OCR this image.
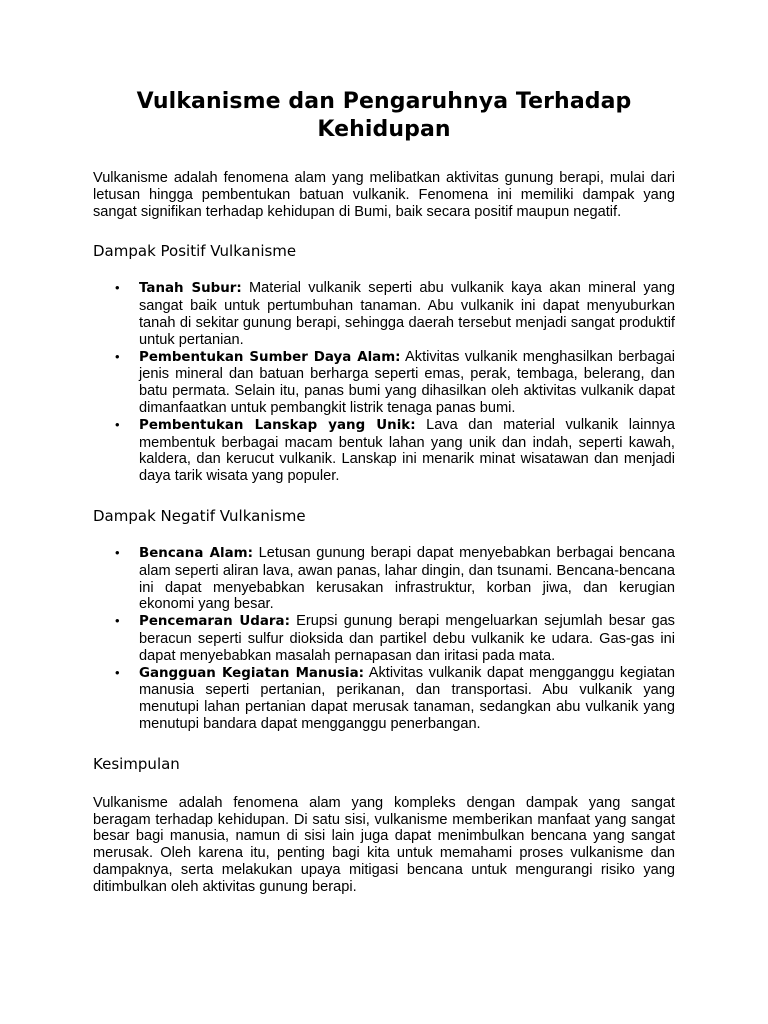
Vulkanisme dan Pengaruhnya Terhadap Kehidupan

Vulkanisme adalah fenomena alam yang melibatkan aktivitas gunung berapi, mulai dari letusan hingga pembentukan batuan vulkanik. Fenomena ini memiliki dampak yang sangat signifikan terhadap kehidupan di Bumi, baik secara positif maupun negatif.

Dampak Positif Vulkanisme
• Tanah Subur: Material vulkanik seperti abu vulkanik kaya akan mineral yang sangat baik untuk pertumbuhan tanaman. Abu vulkanik ini dapat menyuburkan tanah di sekitar gunung berapi, sehingga daerah tersebut menjadi sangat produktif untuk pertanian.
• Pembentukan Sumber Daya Alam: Aktivitas vulkanik menghasilkan berbagai jenis mineral dan batuan berharga seperti emas, perak, tembaga, belerang, dan batu permata. Selain itu, panas bumi yang dihasilkan oleh aktivitas vulkanik dapat dimanfaatkan untuk pembangkit listrik tenaga panas bumi.
• Pembentukan Lanskap yang Unik: Lava dan material vulkanik lainnya membentuk berbagai macam bentuk lahan yang unik dan indah, seperti kawah, kaldera, dan kerucut vulkanik. Lanskap ini menarik minat wisatawan dan menjadi daya tarik wisata yang populer.
Dampak Negatif Vulkanisme
• Bencana Alam: Letusan gunung berapi dapat menyebabkan berbagai bencana alam seperti aliran lava, awan panas, lahar dingin, dan tsunami. Bencana-bencana ini dapat menyebabkan kerusakan infrastruktur, korban jiwa, dan kerugian ekonomi yang besar.
• Pencemaran Udara: Erupsi gunung berapi mengeluarkan sejumlah besar gas beracun seperti sulfur dioksida dan partikel debu vulkanik ke udara. Gas-gas ini dapat menyebabkan masalah pernapasan dan iritasi pada mata.
• Gangguan Kegiatan Manusia: Aktivitas vulkanik dapat mengganggu kegiatan manusia seperti pertanian, perikanan, dan transportasi. Abu vulkanik yang menutupi lahan pertanian dapat merusak tanaman, sedangkan abu vulkanik yang menutupi bandara dapat mengganggu penerbangan.
Kesimpulan

Vulkanisme adalah fenomena alam yang kompleks dengan dampak yang sangat beragam terhadap kehidupan. Di satu sisi, vulkanisme memberikan manfaat yang sangat besar bagi manusia, namun di sisi lain juga dapat menimbulkan bencana yang sangat merusak. Oleh karena itu, penting bagi kita untuk memahami proses vulkanisme dan dampaknya, serta melakukan upaya mitigasi bencana untuk mengurangi risiko yang ditimbulkan oleh aktivitas gunung berapi.
